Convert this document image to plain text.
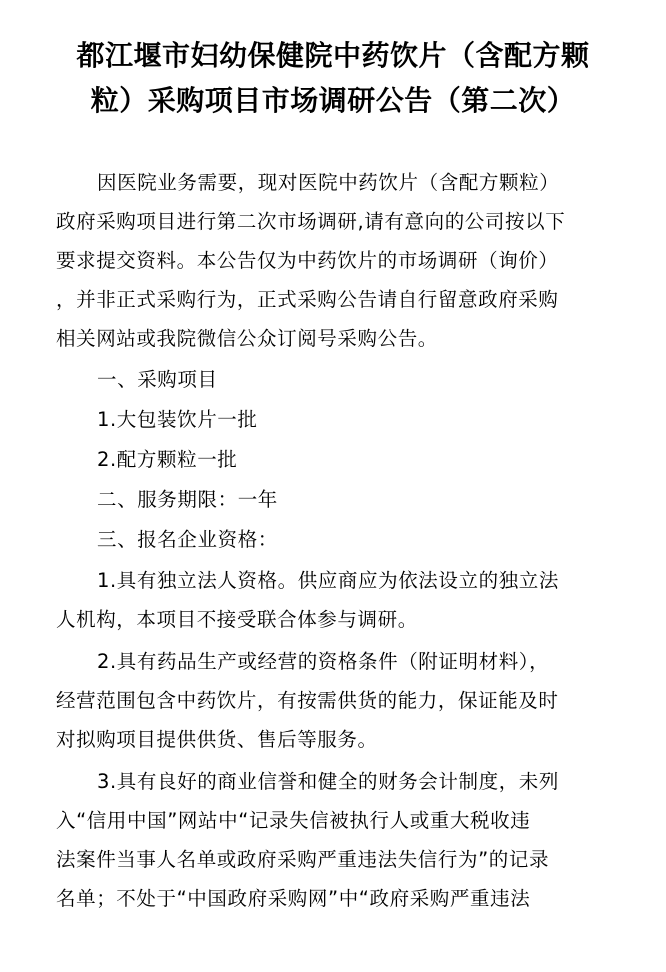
都江堰市妇幼保健院中药饮片（含配方颗
粒）采购项目市场调研公告（第二次）
因医院业务需要，现对医院中药饮片（含配方颗粒）
政府采购项目进行第二次市场调研,请有意向的公司按以下
要求提交资料。本公告仅为中药饮片的市场调研（询价）
，并非正式采购行为，正式采购公告请自行留意政府采购
相关网站或我院微信公众订阅号采购公告。
一、采购项目
1.大包装饮片一批
2.配方颗粒一批
二、服务期限：一年
三、报名企业资格：
1.具有独立法人资格。供应商应为依法设立的独立法
人机构，本项目不接受联合体参与调研。
2.具有药品生产或经营的资格条件（附证明材料），
经营范围包含中药饮片，有按需供货的能力，保证能及时
对拟购项目提供供货、售后等服务。
3.具有良好的商业信誉和健全的财务会计制度，未列
入“信用中国”网站中“记录失信被执行人或重大税收违
法案件当事人名单或政府采购严重违法失信行为”的记录
名单；不处于“中国政府采购网”中“政府采购严重违法
